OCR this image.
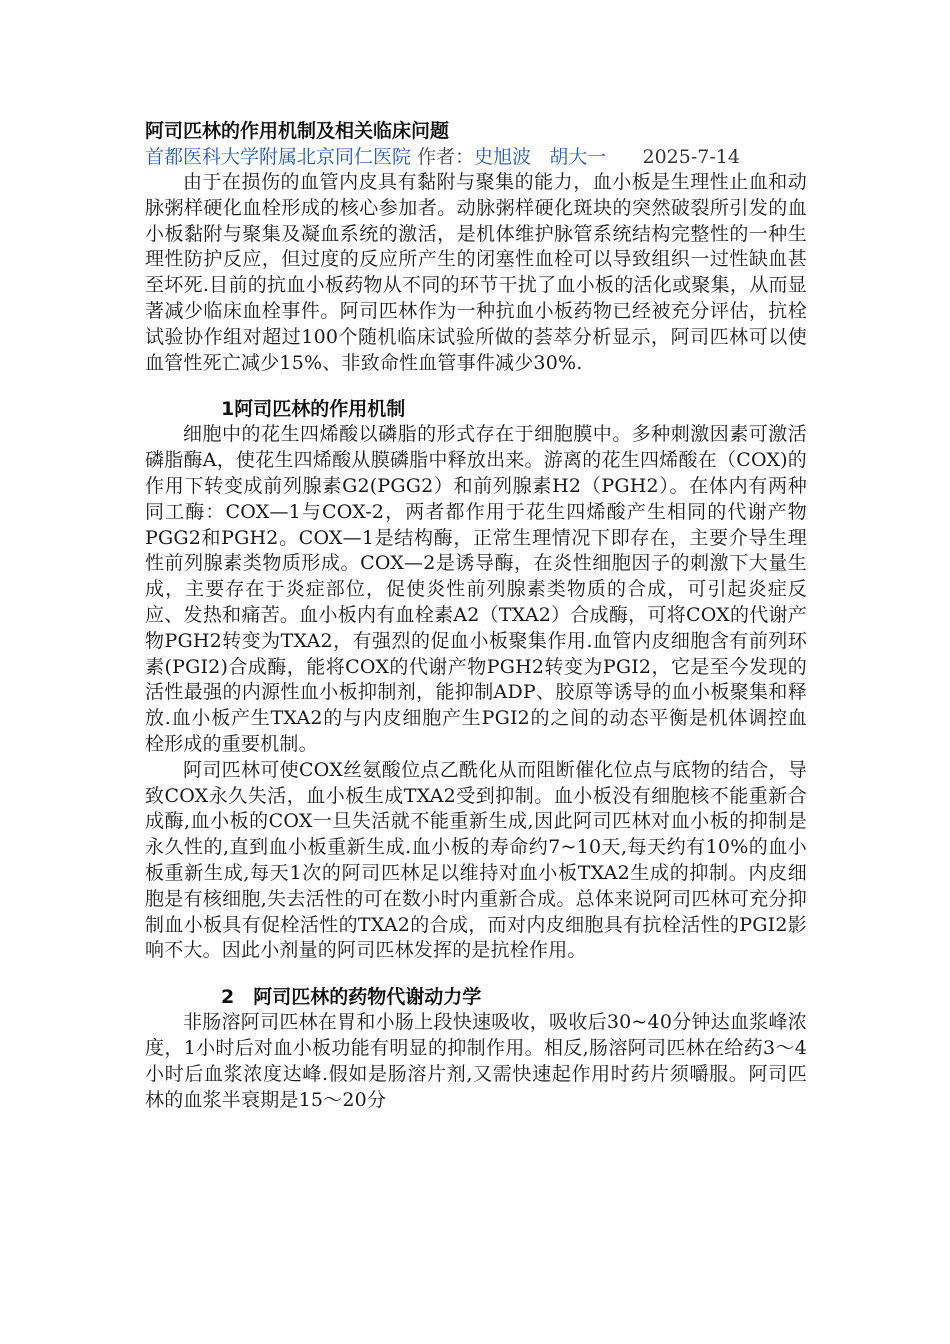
阿司匹林的作用机制及相关临床问题

首都医科大学附属北京同仁医院 作者：史旭波 胡大一 2025-7-14

由于在损伤的血管内皮具有黏附与聚集的能力，血小板是生理性止血和动脉粥样硬化血栓形成的核心参加者。动脉粥样硬化斑块的突然破裂所引发的血小板黏附与聚集及凝血系统的激活，是机体维护脉管系统结构完整性的一种生理性防护反应，但过度的反应所产生的闭塞性血栓可以导致组织一过性缺血甚至坏死.目前的抗血小板药物从不同的环节干扰了血小板的活化或聚集，从而显著减少临床血栓事件。阿司匹林作为一种抗血小板药物已经被充分评估，抗栓试验协作组对超过100个随机临床试验所做的荟萃分析显示，阿司匹林可以使血管性死亡减少15%、非致命性血管事件减少30%.

1阿司匹林的作用机制

细胞中的花生四烯酸以磷脂的形式存在于细胞膜中。多种刺激因素可激活磷脂酶A，使花生四烯酸从膜磷脂中释放出来。游离的花生四烯酸在（COX)的作用下转变成前列腺素G2(PGG2）和前列腺素H2（PGH2）。在体内有两种同工酶：COX—1与COX-2，两者都作用于花生四烯酸产生相同的代谢产物PGG2和PGH2。COX—1是结构酶，正常生理情况下即存在，主要介导生理性前列腺素类物质形成。COX—2是诱导酶，在炎性细胞因子的刺激下大量生成，主要存在于炎症部位，促使炎性前列腺素类物质的合成，可引起炎症反应、发热和痛苦。血小板内有血栓素A2（TXA2）合成酶，可将COX的代谢产物PGH2转变为TXA2，有强烈的促血小板聚集作用.血管内皮细胞含有前列环素(PGI2)合成酶，能将COX的代谢产物PGH2转变为PGI2，它是至今发现的活性最强的内源性血小板抑制剂，能抑制ADP、胶原等诱导的血小板聚集和释放.血小板产生TXA2的与内皮细胞产生PGI2的之间的动态平衡是机体调控血栓形成的重要机制。

阿司匹林可使COX丝氨酸位点乙酰化从而阻断催化位点与底物的结合，导致COX永久失活，血小板生成TXA2受到抑制。血小板没有细胞核不能重新合成酶,血小板的COX一旦失活就不能重新生成,因此阿司匹林对血小板的抑制是永久性的,直到血小板重新生成.血小板的寿命约7~10天,每天约有10%的血小板重新生成,每天1次的阿司匹林足以维持对血小板TXA2生成的抑制。内皮细胞是有核细胞,失去活性的可在数小时内重新合成。总体来说阿司匹林可充分抑制血小板具有促栓活性的TXA2的合成，而对内皮细胞具有抗栓活性的PGI2影响不大。因此小剂量的阿司匹林发挥的是抗栓作用。

2　阿司匹林的药物代谢动力学

非肠溶阿司匹林在胃和小肠上段快速吸收，吸收后30~40分钟达血浆峰浓度，1小时后对血小板功能有明显的抑制作用。相反,肠溶阿司匹林在给药3～4小时后血浆浓度达峰.假如是肠溶片剂,又需快速起作用时药片须嚼服。阿司匹林的血浆半衰期是15～20分
